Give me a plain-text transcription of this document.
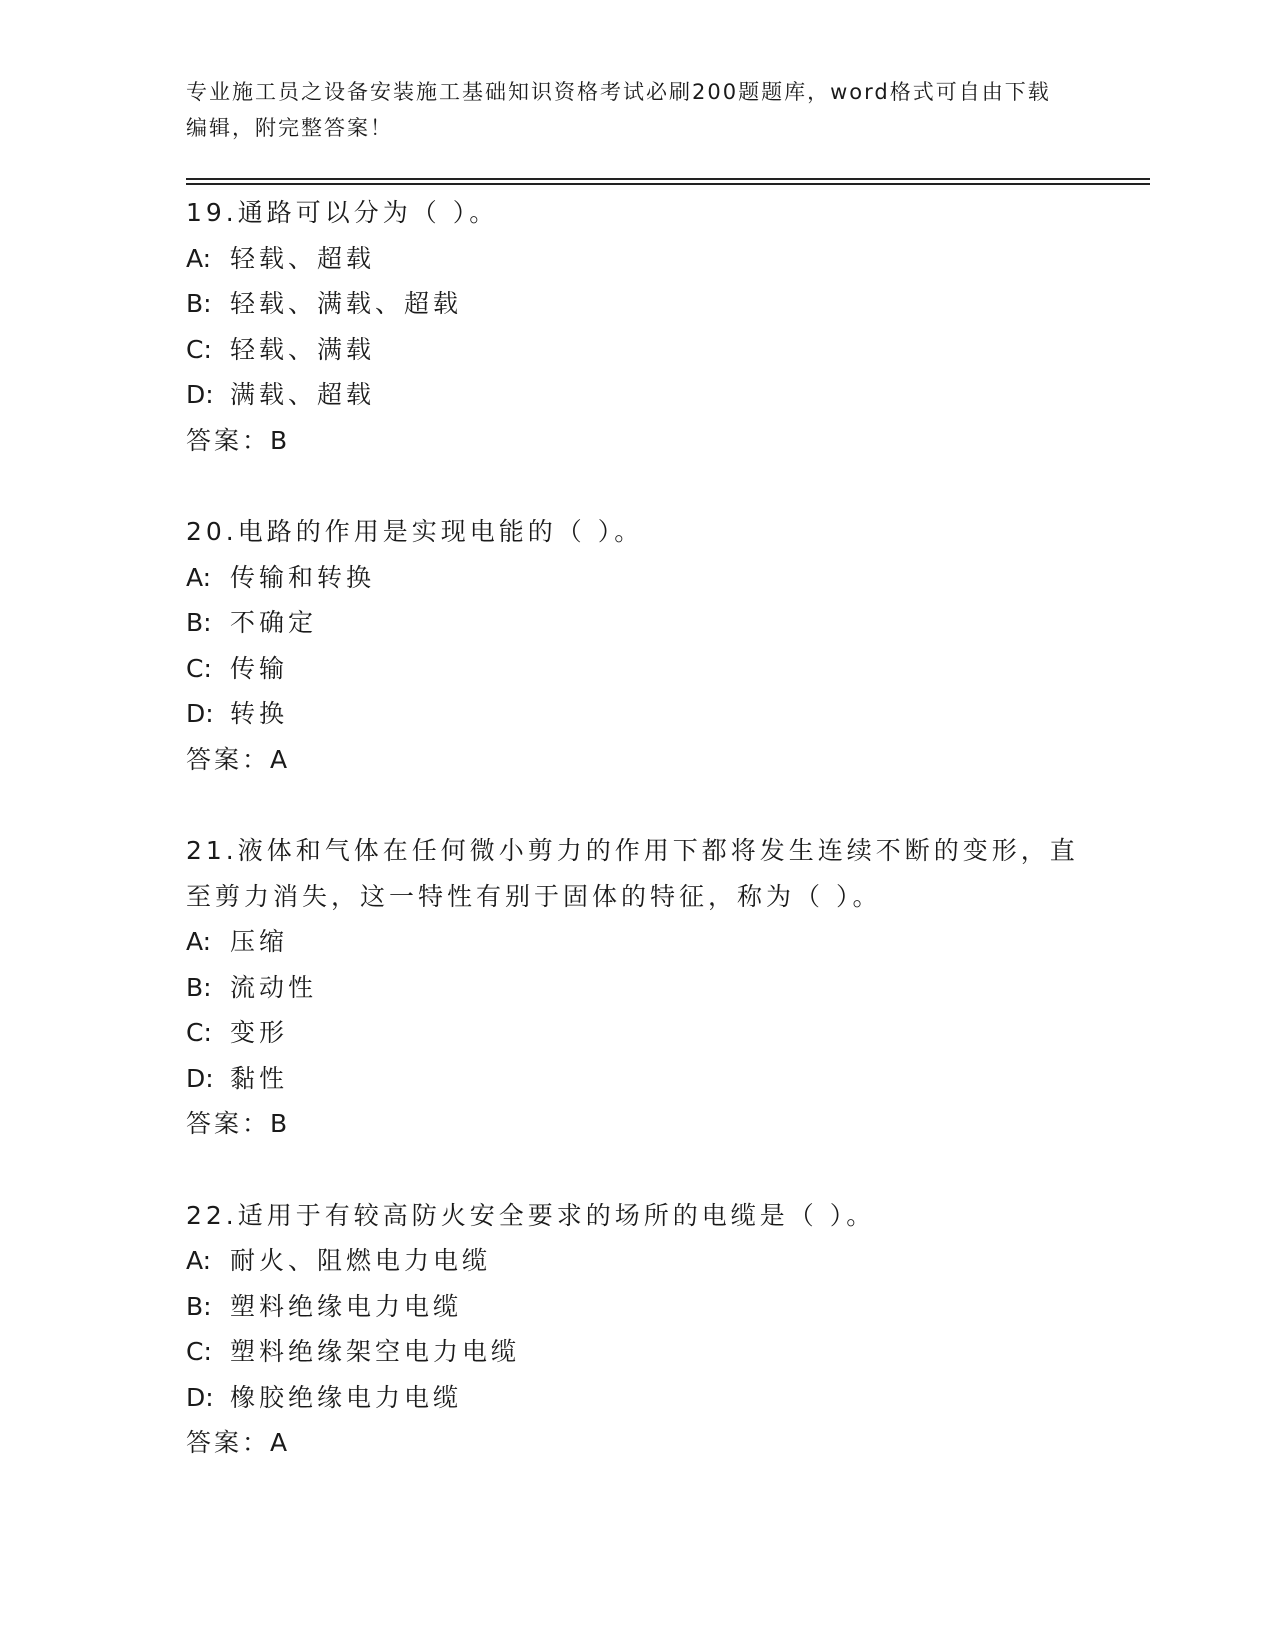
专业施工员之设备安装施工基础知识资格考试必刷200题题库，word格式可自由下载编辑，附完整答案！
19.通路可以分为（ ）。
A: 轻载、超载
B: 轻载、满载、超载
C: 轻载、满载
D: 满载、超载
答案：B
20.电路的作用是实现电能的（ ）。
A: 传输和转换
B: 不确定
C: 传输
D: 转换
答案：A
21.液体和气体在任何微小剪力的作用下都将发生连续不断的变形，直至剪力消失，这一特性有别于固体的特征，称为（ ）。
A: 压缩
B: 流动性
C: 变形
D: 黏性
答案：B
22.适用于有较高防火安全要求的场所的电缆是（ ）。
A: 耐火、阻燃电力电缆
B: 塑料绝缘电力电缆
C: 塑料绝缘架空电力电缆
D: 橡胶绝缘电力电缆
答案：A
